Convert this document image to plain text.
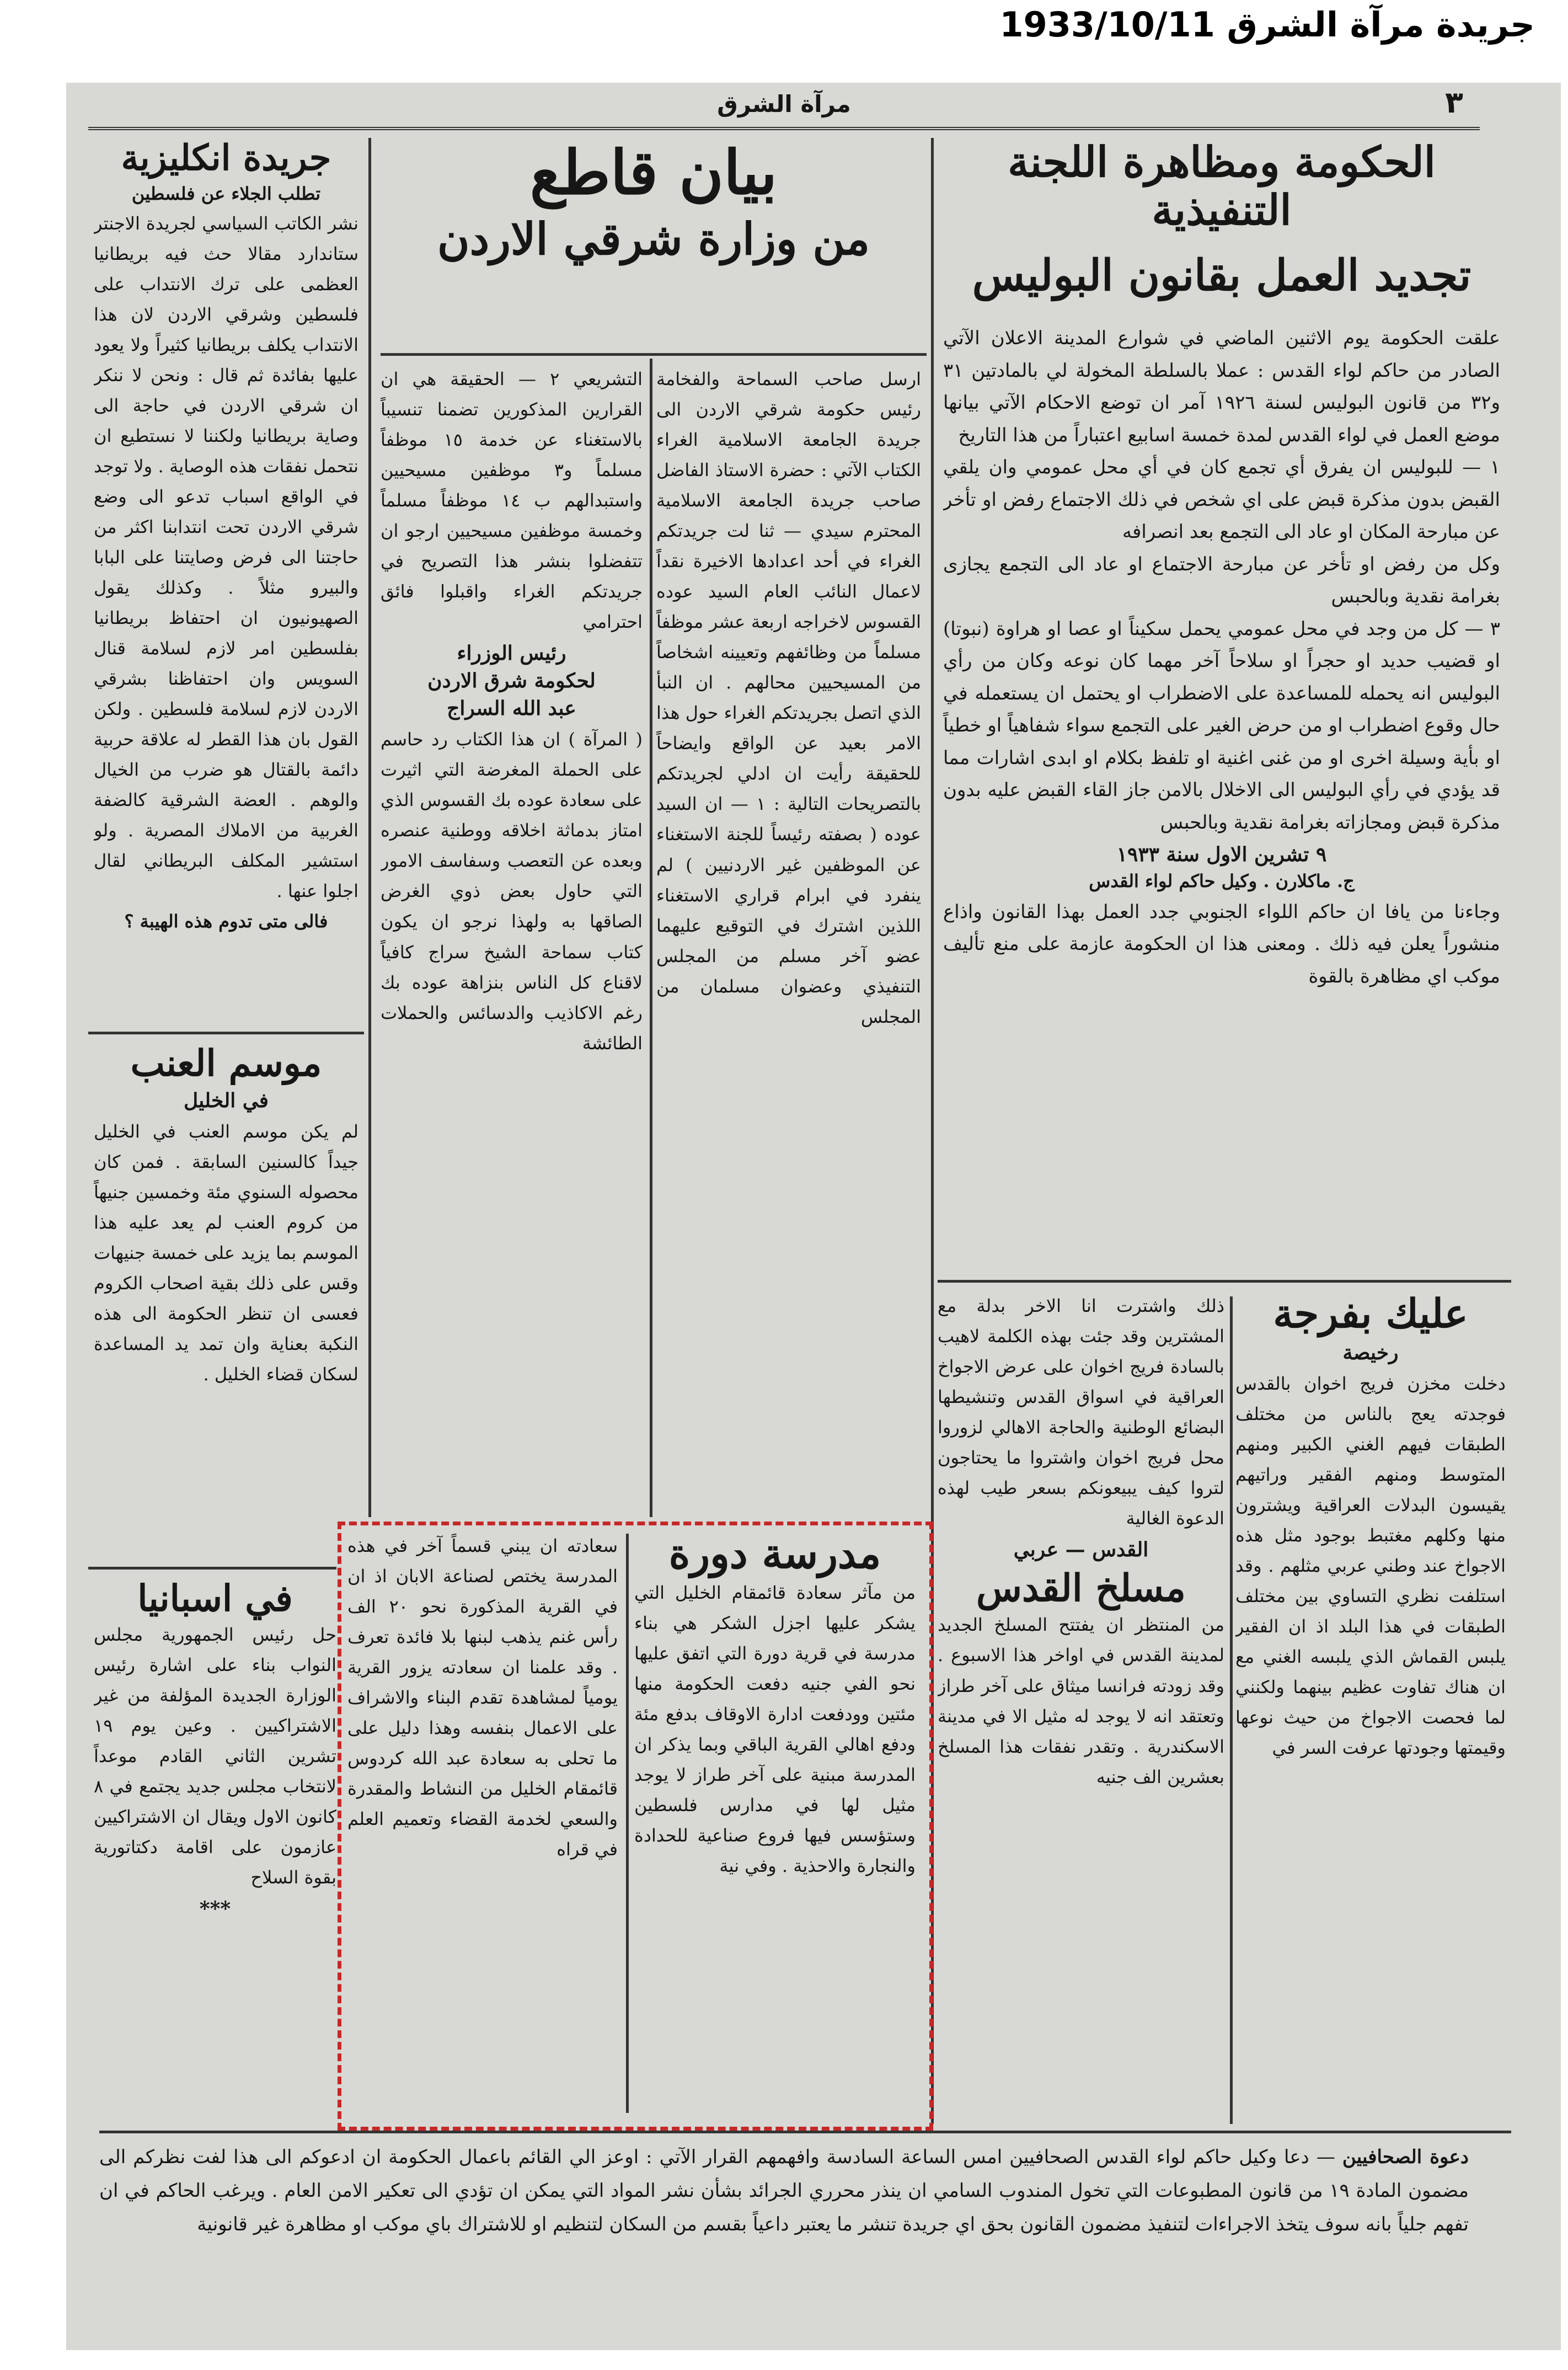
جريدة مرآة الشرق 1933/10/11
مرآة الشرق	٣
الحكومة ومظاهرة اللجنة التنفيذية
تجديد العمل بقانون البوليس

علقت الحكومة يوم الاثنين الماضي في شوارع المدينة الاعلان الآتي الصادر من حاكم لواء القدس : عملا بالسلطة المخولة لي بالمادتين ٣١ و٣٢ من قانون البوليس لسنة ١٩٢٦ آمر ان توضع الاحكام الآتي بيانها موضع العمل في لواء القدس لمدة خمسة اسابيع اعتباراً من هذا التاريخ

١ — للبوليس ان يفرق أي تجمع كان في أي محل عمومي وان يلقي القبض بدون مذكرة قبض على اي شخص في ذلك الاجتماع رفض او تأخر عن مبارحة المكان او عاد الى التجمع بعد انصرافه

وكل من رفض او تأخر عن مبارحة الاجتماع او عاد الى التجمع يجازى بغرامة نقدية وبالحبس

٣ — كل من وجد في محل عمومي يحمل سكيناً او عصا او هراوة (نبوتا) او قضيب حديد او حجراً او سلاحاً آخر مهما كان نوعه وكان من رأي البوليس انه يحمله للمساعدة على الاضطراب او يحتمل ان يستعمله في حال وقوع اضطراب او من حرض الغير على التجمع سواء شفاهياً او خطياً او بأية وسيلة اخرى او من غنى اغنية او تلفظ بكلام او ابدى اشارات مما قد يؤدي في رأي البوليس الى الاخلال بالامن جاز القاء القبض عليه بدون مذكرة قبض ومجازاته بغرامة نقدية وبالحبس

٩ تشرين الاول سنة ١٩٣٣

ج. ماكلارن . وكيل حاكم لواء القدس

وجاءنا من يافا ان حاكم اللواء الجنوبي جدد العمل بهذا القانون واذاع منشوراً يعلن فيه ذلك . ومعنى هذا ان الحكومة عازمة على منع تأليف موكب اي مظاهرة بالقوة

بيان قاطع
من وزارة شرقي الاردن

ارسل صاحب السماحة والفخامة رئيس حكومة شرقي الاردن الى جريدة الجامعة الاسلامية الغراء الكتاب الآتي : حضرة الاستاذ الفاضل صاحب جريدة الجامعة الاسلامية المحترم سيدي — ثنا لت جريدتكم الغراء في أحد اعدادها الاخيرة نقداً لاعمال النائب العام السيد عوده القسوس لاخراجه اربعة عشر موظفاً مسلماً من وظائفهم وتعيينه اشخاصاً من المسيحيين محالهم . ان النبأ الذي اتصل بجريدتكم الغراء حول هذا الامر بعيد عن الواقع وايضاحاً للحقيقة رأيت ان ادلي لجريدتكم بالتصريحات التالية : ١ — ان السيد عوده ( بصفته رئيساً للجنة الاستغناء عن الموظفين غير الاردنيين ) لم ينفرد في ابرام قراري الاستغناء اللذين اشترك في التوقيع عليهما عضو آخر مسلم من المجلس التنفيذي وعضوان مسلمان من المجلس

التشريعي ٢ — الحقيقة هي ان القرارين المذكورين تضمنا تنسيباً بالاستغناء عن خدمة ١٥ موظفاً مسلماً و٣ موظفين مسيحيين واستبدالهم ب ١٤ موظفاً مسلماً وخمسة موظفين مسيحيين ارجو ان تتفضلوا بنشر هذا التصريح في جريدتكم الغراء واقبلوا فائق احترامي

رئيس الوزراء

لحكومة شرق الاردن

عبد الله السراج

( المرآة ) ان هذا الكتاب رد حاسم على الحملة المغرضة التي اثيرت على سعادة عوده بك القسوس الذي امتاز بدماثة اخلاقه ووطنية عنصره وبعده عن التعصب وسفاسف الامور التي حاول بعض ذوي الغرض الصاقها به ولهذا نرجو ان يكون كتاب سماحة الشيخ سراج كافياً لاقناع كل الناس بنزاهة عوده بك رغم الاكاذيب والدسائس والحملات الطائشة

جريدة انكليزية

تطلب الجلاء عن فلسطين

نشر الكاتب السياسي لجريدة الاجنتر ستاندارد مقالا حث فيه بريطانيا العظمى على ترك الانتداب على فلسطين وشرقي الاردن لان هذا الانتداب يكلف بريطانيا كثيراً ولا يعود عليها بفائدة ثم قال : ونحن لا ننكر ان شرقي الاردن في حاجة الى وصاية بريطانيا ولكننا لا نستطيع ان نتحمل نفقات هذه الوصاية . ولا توجد في الواقع اسباب تدعو الى وضع شرقي الاردن تحت انتدابنا اكثر من حاجتنا الى فرض وصايتنا على البابا والبيرو مثلاً . وكذلك يقول الصهيونيون ان احتفاظ بريطانيا بفلسطين امر لازم لسلامة قنال السويس وان احتفاظنا بشرقي الاردن لازم لسلامة فلسطين . ولكن القول بان هذا القطر له علاقة حربية دائمة بالقتال هو ضرب من الخيال والوهم . العضة الشرقية كالضفة الغربية من الاملاك المصرية . ولو استشير المكلف البريطاني لقال اجلوا عنها .

فالى متى تدوم هذه الهيبة ؟

موسم العنب

في الخليل

لم يكن موسم العنب في الخليل جيداً كالسنين السابقة . فمن كان محصوله السنوي مئة وخمسين جنيهاً من كروم العنب لم يعد عليه هذا الموسم بما يزيد على خمسة جنيهات وقس على ذلك بقية اصحاب الكروم فعسى ان تنظر الحكومة الى هذه النكبة بعناية وان تمد يد المساعدة لسكان قضاء الخليل .

في اسبانيا

حل رئيس الجمهورية مجلس النواب بناء على اشارة رئيس الوزارة الجديدة المؤلفة من غير الاشتراكيين . وعين يوم ١٩ تشرين الثاني القادم موعداً لانتخاب مجلس جديد يجتمع في ٨ كانون الاول ويقال ان الاشتراكيين عازمون على اقامة دكتاتورية بقوة السلاح

***

ذلك واشترت انا الاخر بدلة مع المشترين وقد جئت بهذه الكلمة لاهيب بالسادة فريج اخوان على عرض الاجواخ العراقية في اسواق القدس وتنشيطها البضائع الوطنية والحاجة الاهالي لزوروا محل فريج اخوان واشتروا ما يحتاجون لتروا كيف يبيعونكم بسعر طيب لهذه الدعوة الغالية

القدس — عربي

مسلخ القدس

من المنتظر ان يفتتح المسلخ الجديد لمدينة القدس في اواخر هذا الاسبوع . وقد زودته فرانسا ميثاق على آخر طراز وتعتقد انه لا يوجد له مثيل الا في مدينة الاسكندرية . وتقدر نفقات هذا المسلخ بعشرين الف جنيه

عليك بفرجة

رخيصة

دخلت مخزن فريج اخوان بالقدس فوجدته يعج بالناس من مختلف الطبقات فيهم الغني الكبير ومنهم المتوسط ومنهم الفقير وراتيهم يقيسون البدلات العراقية ويشترون منها وكلهم مغتبط بوجود مثل هذه الاجواخ عند وطني عربي مثلهم . وقد استلفت نظري التساوي بين مختلف الطبقات في هذا البلد اذ ان الفقير يلبس القماش الذي يلبسه الغني مع ان هناك تفاوت عظيم بينهما ولكنني لما فحصت الاجواخ من حيث نوعها وقيمتها وجودتها عرفت السر في

مدرسة دورة

من مآثر سعادة قائمقام الخليل التي يشكر عليها اجزل الشكر هي بناء مدرسة في قرية دورة التي اتفق عليها نحو الفي جنيه دفعت الحكومة منها مئتين وودفعت ادارة الاوقاف بدفع مئة ودفع اهالي القرية الباقي وبما يذكر ان المدرسة مبنية على آخر طراز لا يوجد مثيل لها في مدارس فلسطين وستؤسس فيها فروع صناعية للحدادة والنجارة والاحذية . وفي نية

سعادته ان يبني قسماً آخر في هذه المدرسة يختص لصناعة الابان اذ ان في القرية المذكورة نحو ٢٠ الف رأس غنم يذهب لبنها بلا فائدة تعرف . وقد علمنا ان سعادته يزور القرية يومياً لمشاهدة تقدم البناء والاشراف على الاعمال بنفسه وهذا دليل على ما تحلى به سعادة عبد الله كردوس قائمقام الخليل من النشاط والمقدرة والسعي لخدمة القضاء وتعميم العلم في قراه

دعوة الصحافيين — دعا وكيل حاكم لواء القدس الصحافيين امس الساعة السادسة وافهمهم القرار الآتي : اوعز الي القائم باعمال الحكومة ان ادعوكم الى هذا لفت نظركم الى مضمون المادة ١٩ من قانون المطبوعات التي تخول المندوب السامي ان ينذر محرري الجرائد بشأن نشر المواد التي يمكن ان تؤدي الى تعكير الامن العام . ويرغب الحاكم في ان تفهم جلياً بانه سوف يتخذ الاجراءات لتنفيذ مضمون القانون بحق اي جريدة تنشر ما يعتبر داعياً بقسم من السكان لتنظيم او للاشتراك باي موكب او مظاهرة غير قانونية
